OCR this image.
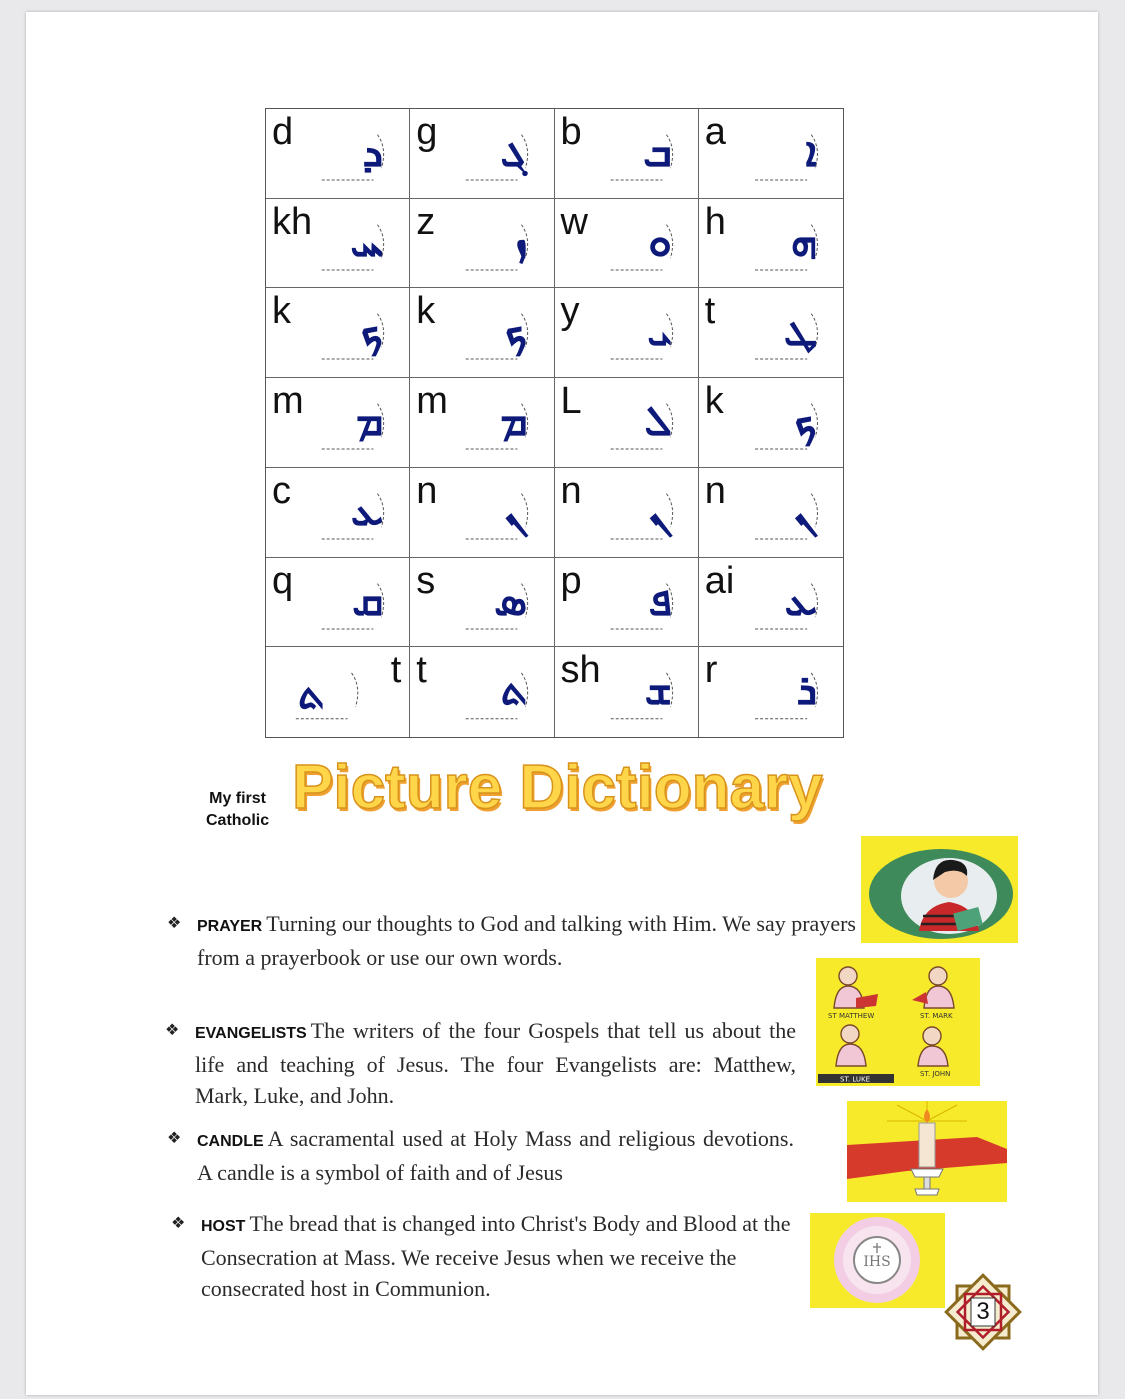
d ܕ g ܓ b ܒ a ܐ
kh ܚ z ܙ w ܘ h ܗ
k ܟ k ܟ y ܝ t ܛ
m ܡ m ܡ L ܠ k ܟ
c ܥ n ܢ n ܢ n ܢ
q ܩ s ܣ p ܦ ai ܥ
t
ܬ t ܬ sh ܫ r ܪ
My first
Catholic Picture Dictionary
❖ PRAYER Turning our thoughts to God and talking with Him. We say prayers from a prayerbook or use our own words.
❖ EVANGELISTS The writers of the four Gospels that tell us about the life and teaching of Jesus. The four Evangelists are: Matthew, Mark, Luke, and John.
ST MATTHEW	ST. MARK
ST. LUKE
ST. JOHN
❖ CANDLE A sacramental used at Holy Mass and religious devotions. A candle is a symbol of faith and of Jesus
❖ HOST The bread that is changed into Christ's Body and Blood at the Consecration at Mass. We receive Jesus when we receive the consecrated host in Communion.
IHS
3
